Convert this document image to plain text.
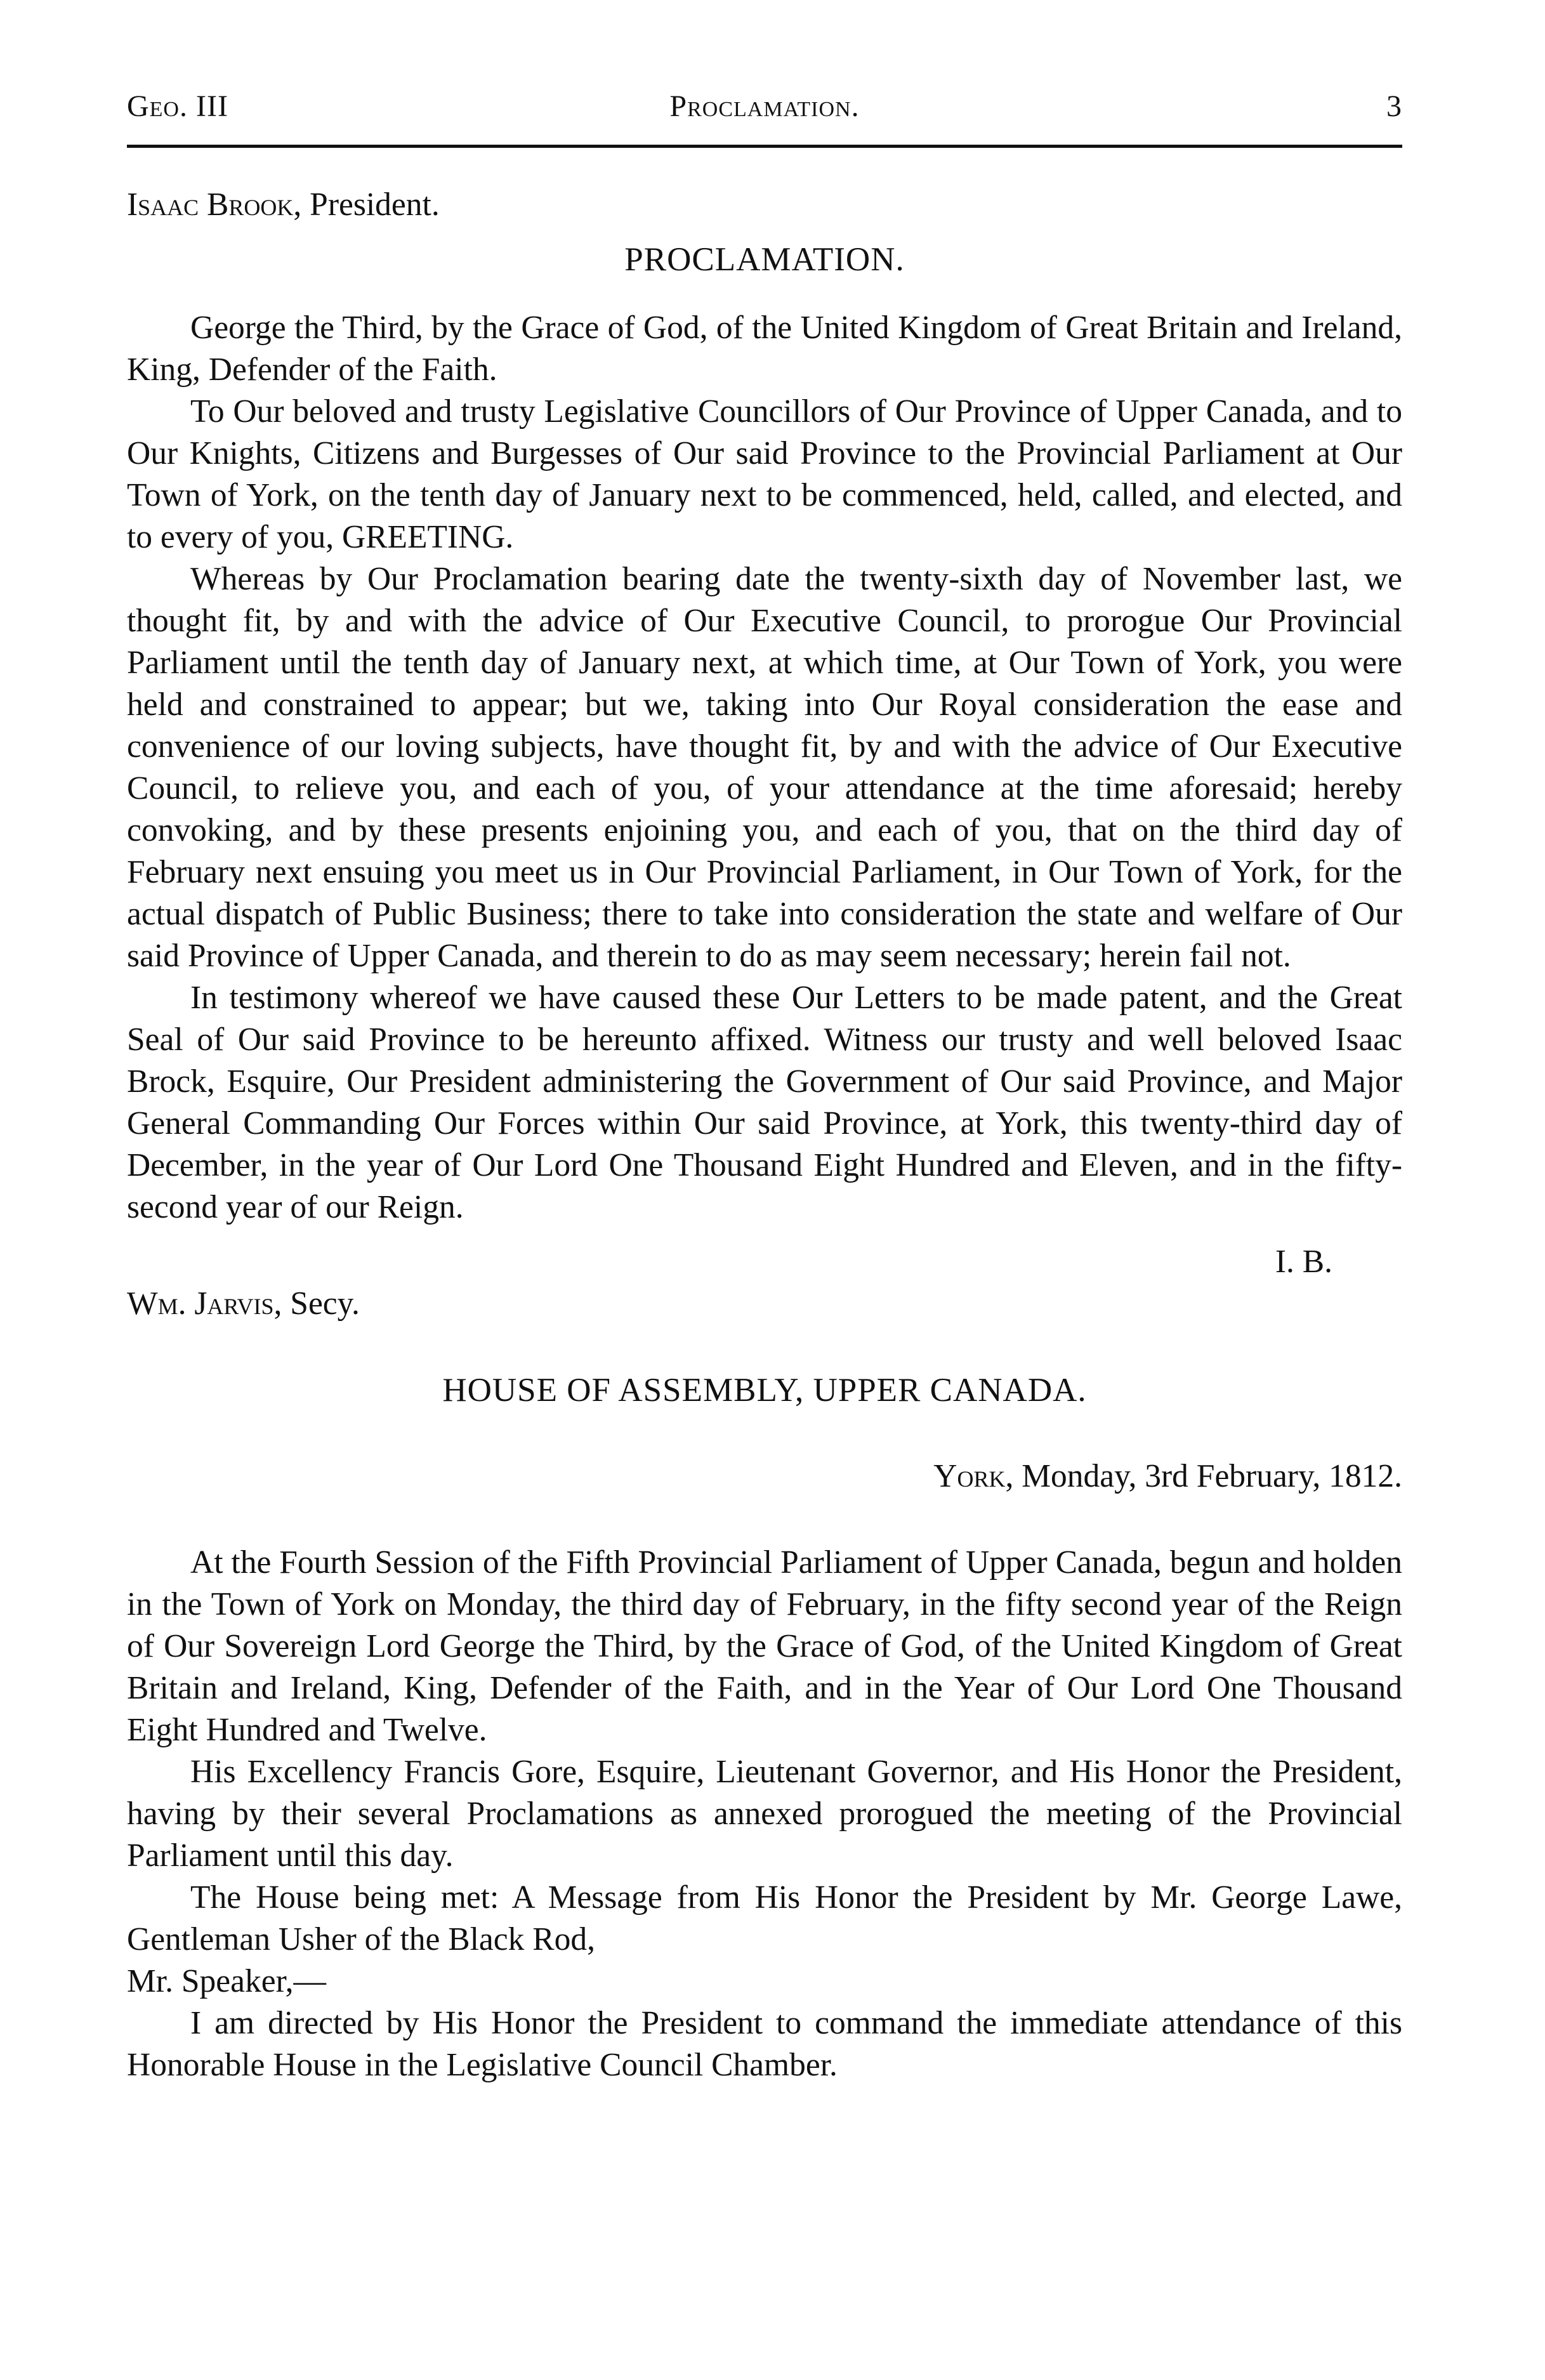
Geo. III	Proclamation.	3

Isaac Brook, President.

PROCLAMATION.

George the Third, by the Grace of God, of the United Kingdom of Great Britain and Ireland, King, Defender of the Faith.

To Our beloved and trusty Legislative Councillors of Our Province of Upper Canada, and to Our Knights, Citizens and Burgesses of Our said Province to the Provincial Parliament at Our Town of York, on the tenth day of January next to be commenced, held, called, and elected, and to every of you, GREETING.

Whereas by Our Proclamation bearing date the twenty-sixth day of November last, we thought fit, by and with the advice of Our Executive Council, to prorogue Our Provincial Parliament until the tenth day of January next, at which time, at Our Town of York, you were held and constrained to appear; but we, taking into Our Royal consideration the ease and convenience of our loving subjects, have thought fit, by and with the advice of Our Executive Council, to relieve you, and each of you, of your attendance at the time aforesaid; hereby convoking, and by these presents enjoining you, and each of you, that on the third day of February next ensuing you meet us in Our Provincial Parliament, in Our Town of York, for the actual dispatch of Public Business; there to take into consideration the state and welfare of Our said Province of Upper Canada, and therein to do as may seem necessary; herein fail not.

In testimony whereof we have caused these Our Letters to be made patent, and the Great Seal of Our said Province to be hereunto affixed. Witness our trusty and well beloved Isaac Brock, Esquire, Our President administering the Government of Our said Province, and Major General Commanding Our Forces within Our said Province, at York, this twenty-third day of December, in the year of Our Lord One Thousand Eight Hundred and Eleven, and in the fifty-second year of our Reign.

I. B.

Wm. Jarvis, Secy.

HOUSE OF ASSEMBLY, UPPER CANADA.

York, Monday, 3rd February, 1812.

At the Fourth Session of the Fifth Provincial Parliament of Upper Canada, begun and holden in the Town of York on Monday, the third day of February, in the fifty second year of the Reign of Our Sovereign Lord George the Third, by the Grace of God, of the United Kingdom of Great Britain and Ireland, King, Defender of the Faith, and in the Year of Our Lord One Thousand Eight Hundred and Twelve.

His Excellency Francis Gore, Esquire, Lieutenant Governor, and His Honor the President, having by their several Proclamations as annexed prorogued the meeting of the Provincial Parliament until this day.

The House being met: A Message from His Honor the President by Mr. George Lawe, Gentleman Usher of the Black Rod,

Mr. Speaker,—

I am directed by His Honor the President to command the immediate attendance of this Honorable House in the Legislative Council Chamber.
